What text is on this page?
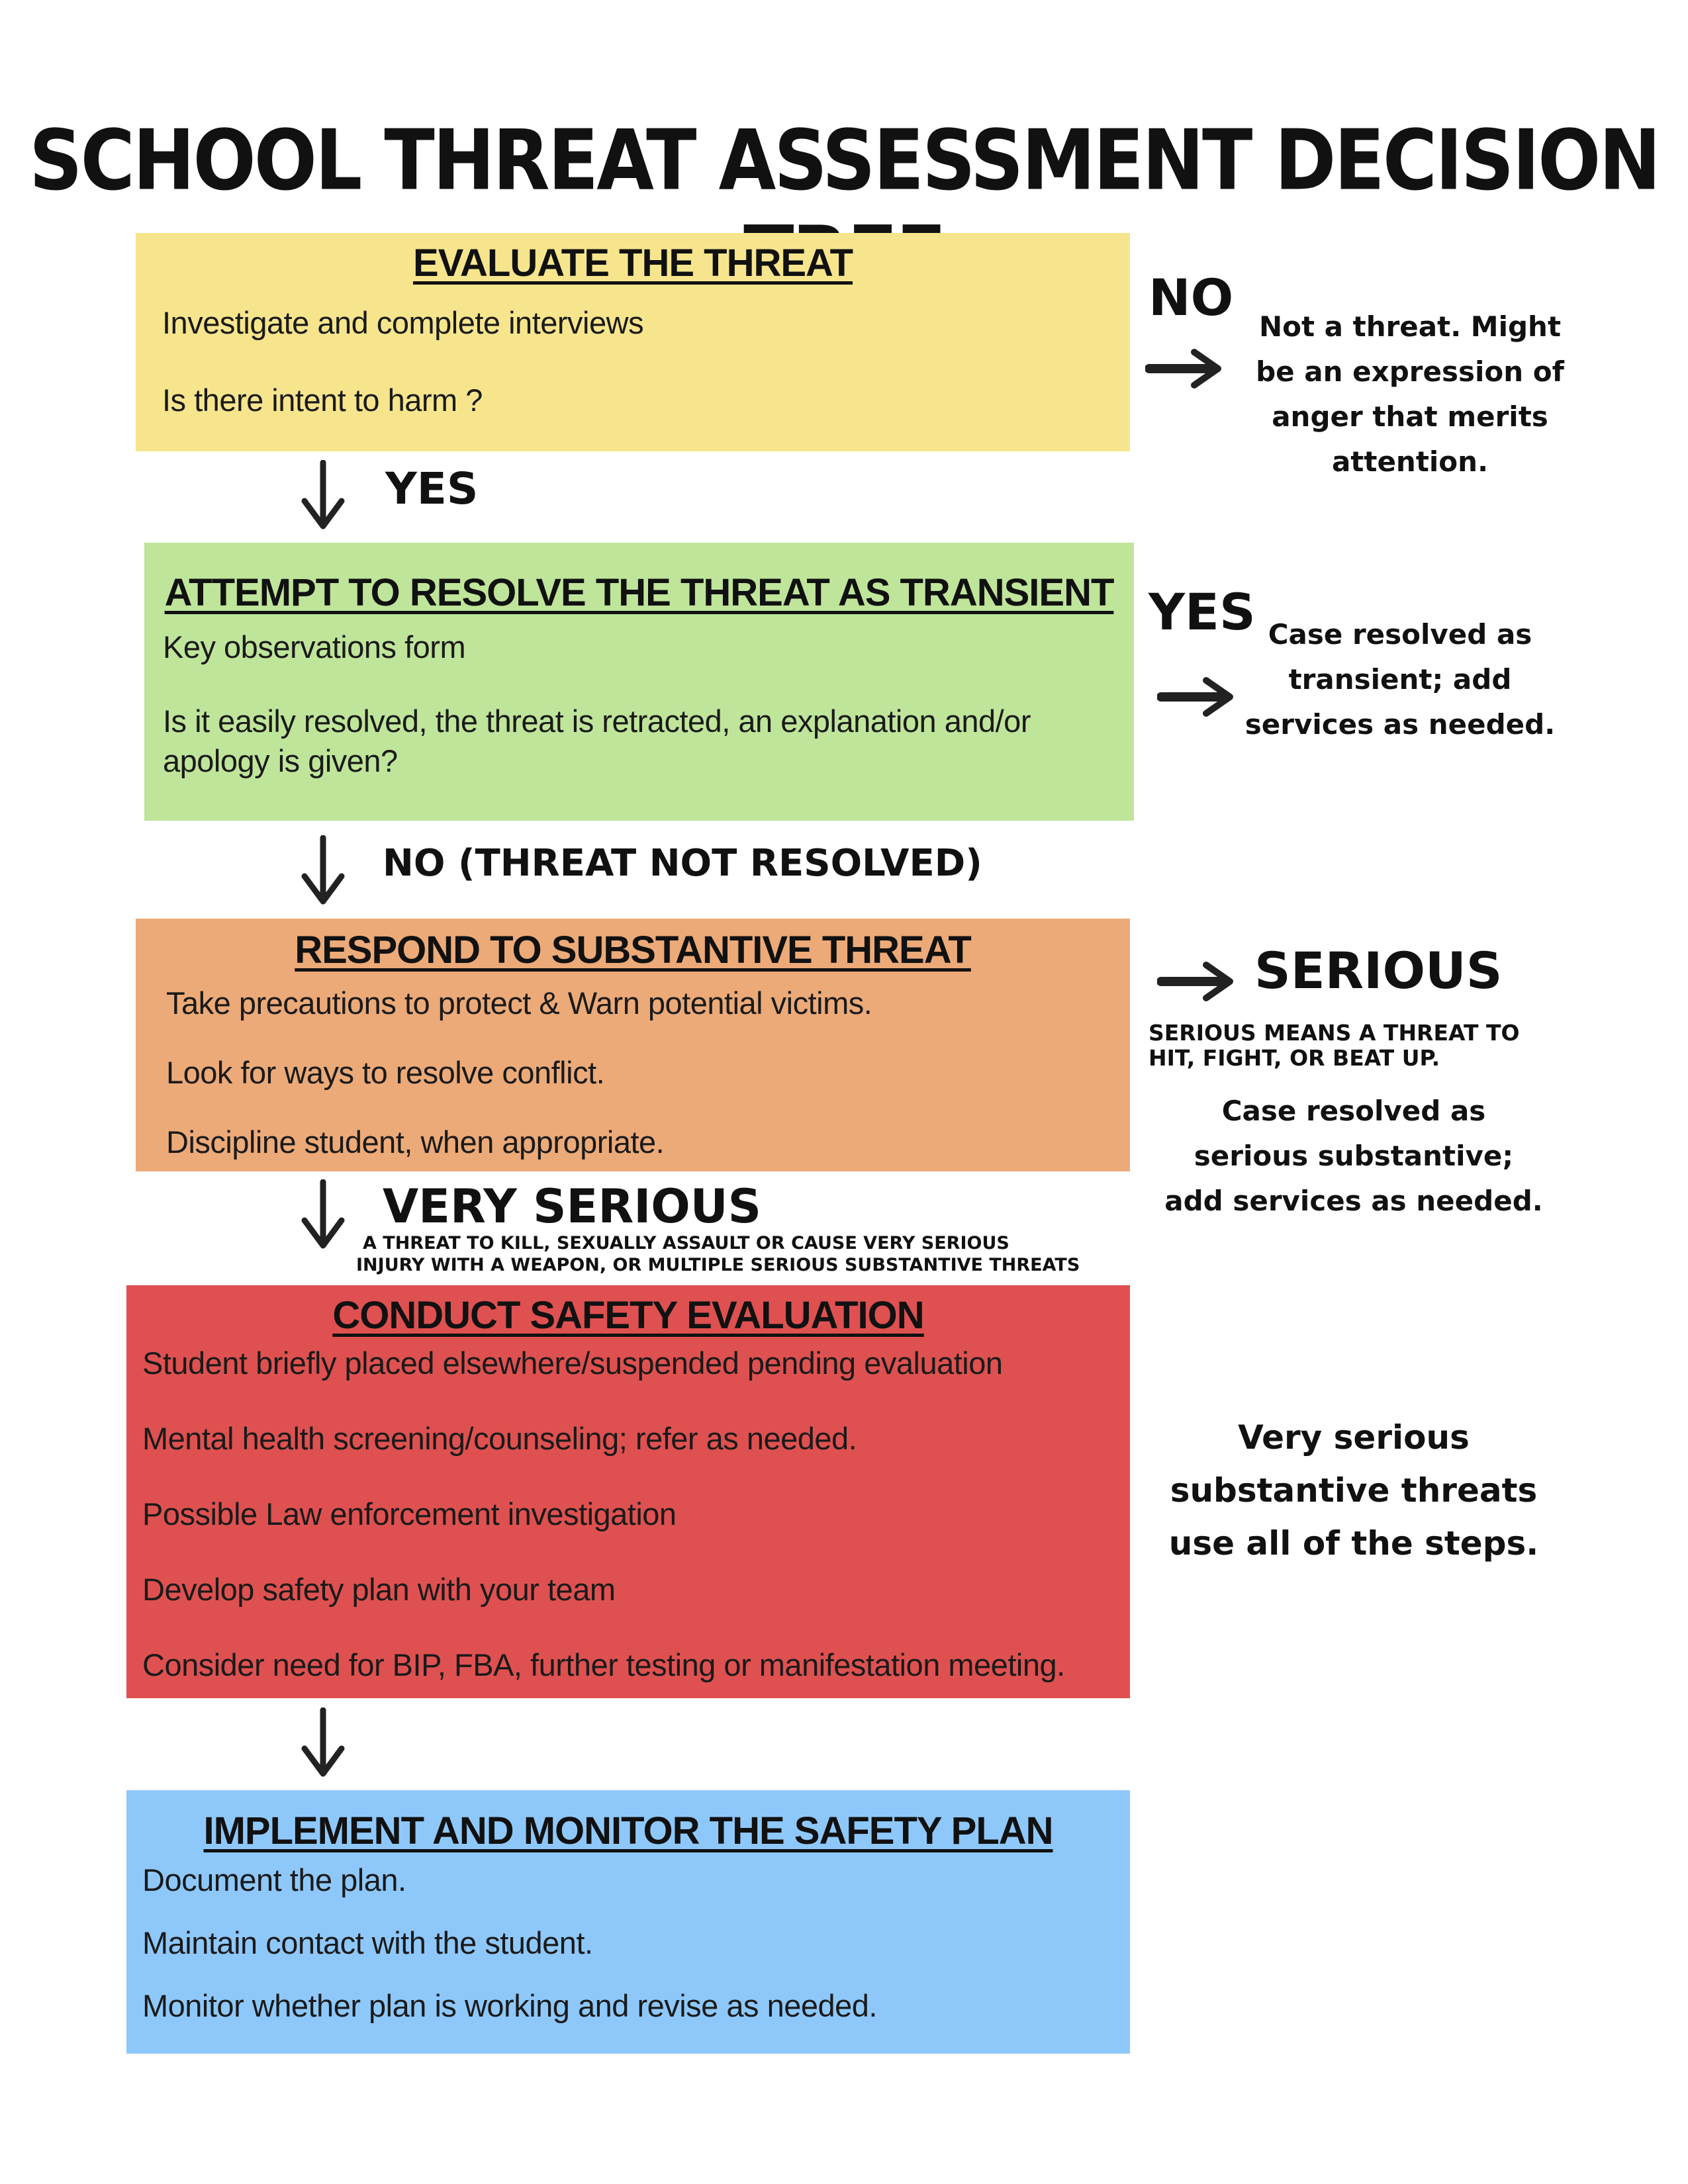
SCHOOL THREAT ASSESSMENT DECISION
EVALUATE THE THREAT
Investigate and complete interviews
Is there intent to harm ?
YES
ATTEMPT TO RESOLVE THE THREAT AS TRANSIENT
Key observations form
Is it easily resolved, the threat is retracted, an explanation and/or apology is given?
NO (THREAT NOT RESOLVED)
RESPOND TO SUBSTANTIVE THREAT
Take precautions to protect & Warn potential victims.
Look for ways to resolve conflict.
Discipline student, when appropriate.
VERY SERIOUS
A THREAT TO KILL, SEXUALLY ASSAULT OR CAUSE VERY SERIOUS
INJURY WITH A WEAPON, OR MULTIPLE SERIOUS SUBSTANTIVE THREATS
CONDUCT SAFETY EVALUATION
Student briefly placed elsewhere/suspended pending evaluation
Mental health screening/counseling; refer as needed.
Possible Law enforcement investigation
Develop safety plan with your team
Consider need for BIP, FBA, further testing or manifestation meeting.
IMPLEMENT AND MONITOR THE SAFETY PLAN
Document the plan.
Maintain contact with the student.
Monitor whether plan is working and revise as needed.
NO Not a threat. Might
be an expression of
anger that merits
attention.
YES Case resolved as
transient; add
services as needed.
SERIOUS
SERIOUS MEANS A THREAT TO
HIT, FIGHT, OR BEAT UP.
Case resolved as
serious substantive;
add services as needed.
Very serious
substantive threats
use all of the steps.
